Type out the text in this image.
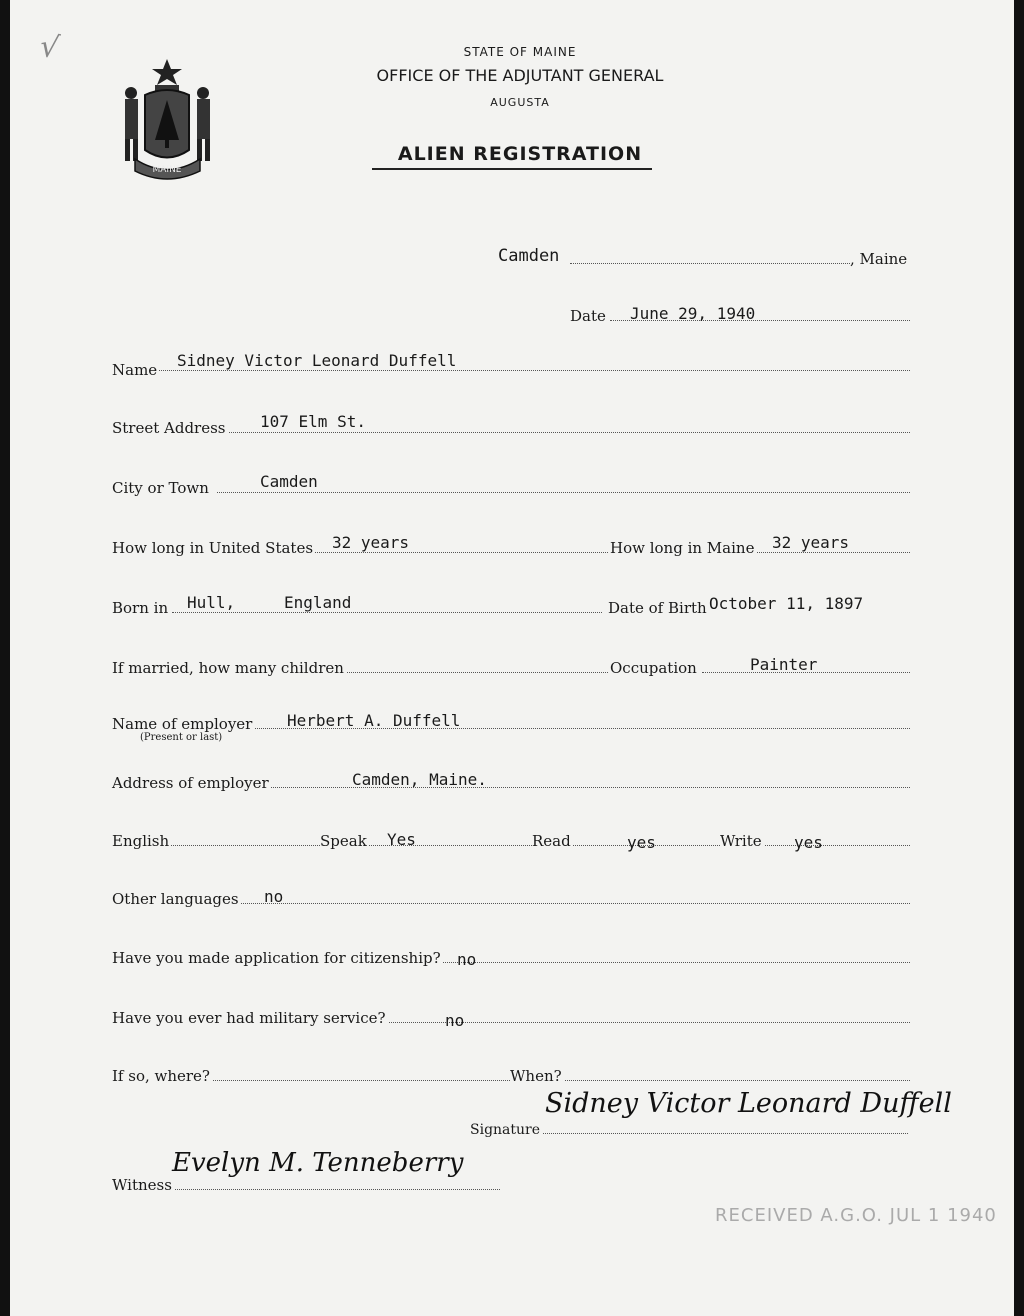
√
MAINE
STATE OF MAINE
OFFICE OF THE ADJUTANT GENERAL
AUGUSTA
ALIEN REGISTRATION
Camden	, Maine
Date June 29, 1940
Name Sidney Victor Leonard Duffell
Street Address 107 Elm St.
City or Town	Camden
How long in United States 32 years	How long in Maine 32 years
Born in Hull,	England	Date of Birth October 11, 1897
If married, how many children	Occupation	Painter
Name of employer Herbert A. Duffell
(Present or last)
Address of employer	Camden, Maine.
English	Speak Yes	Read	yes	Write yes
Other languages no
Have you made application for citizenship? no
Have you ever had military service?	no
If so, where?	When?
Signature
Sidney Victor Leonard Duffell
Witness
Evelyn M. Tenneberry
RECEIVED A.G.O. JUL 1 1940
